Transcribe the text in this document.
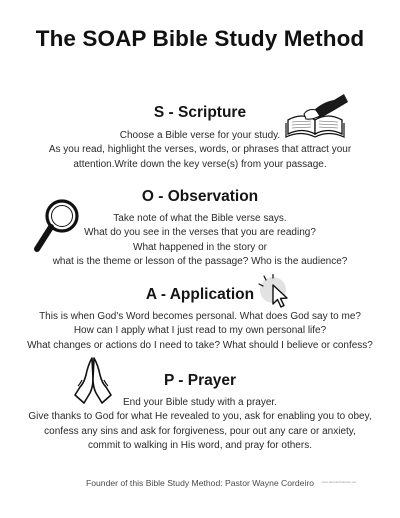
The SOAP Bible Study Method
S - Scripture
Choose a Bible verse for your study.
As you read, highlight the verses, words, or phrases that attract your
attention.Write down the key verse(s) from your passage.
O - Observation
Take note of what the Bible verse says.
What do you see in the verses that you are reading?
What happened in the story or
what is the theme or lesson of the passage? Who is the audience?
A - Application
This is when God's Word becomes personal. What does God say to me?
How can I apply what I just read to my own personal life?
What changes or actions do I need to take? What should I believe or confess?
P - Prayer
End your Bible study with a prayer.
Give thanks to God for what He revealed to you, ask for enabling you to obey,
confess any sins and ask for forgiveness, pour out any care or anxiety,
commit to walking in His word, and pray for others.
Founder of this Bible Study Method: Pastor Wayne Cordeiro	www.aturnforthebetter.net
